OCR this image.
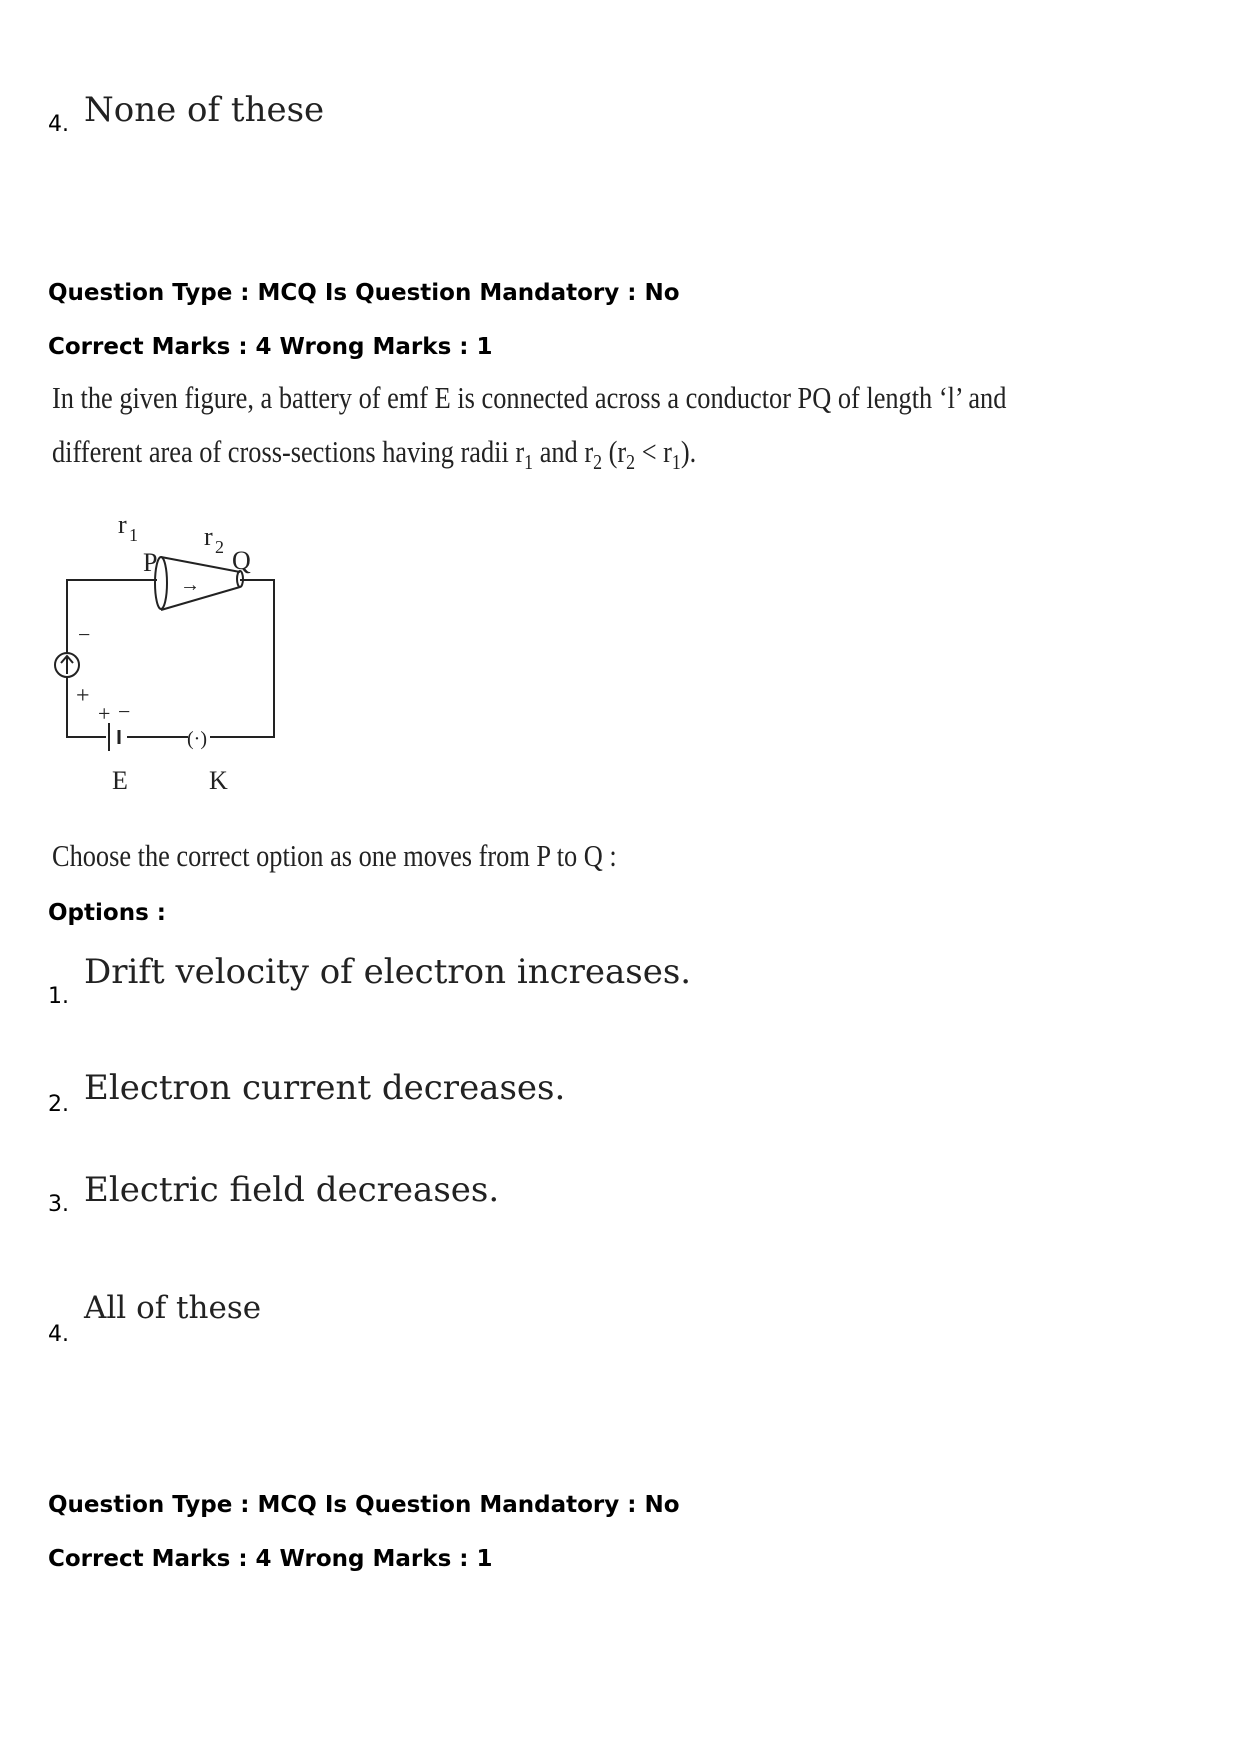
4. None of these
Question Type : MCQ Is Question Mandatory : No
Correct Marks : 4 Wrong Marks : 1
In the given figure, a battery of emf E is connected across a conductor PQ of length ‘l’ and
different area of cross-sections having radii $r_1$ and $r_2$ $(r_2 < r_1)$.
→
r 1	r 2
P	Q
−
+
+ −
E
(·)
K
Choose the correct option as one moves from P to Q :
Options :
1.
Drift velocity of electron increases.
2. Electron current decreases.
3. Electric field decreases.
4.
All of these
Question Type : MCQ Is Question Mandatory : No
Correct Marks : 4 Wrong Marks : 1
